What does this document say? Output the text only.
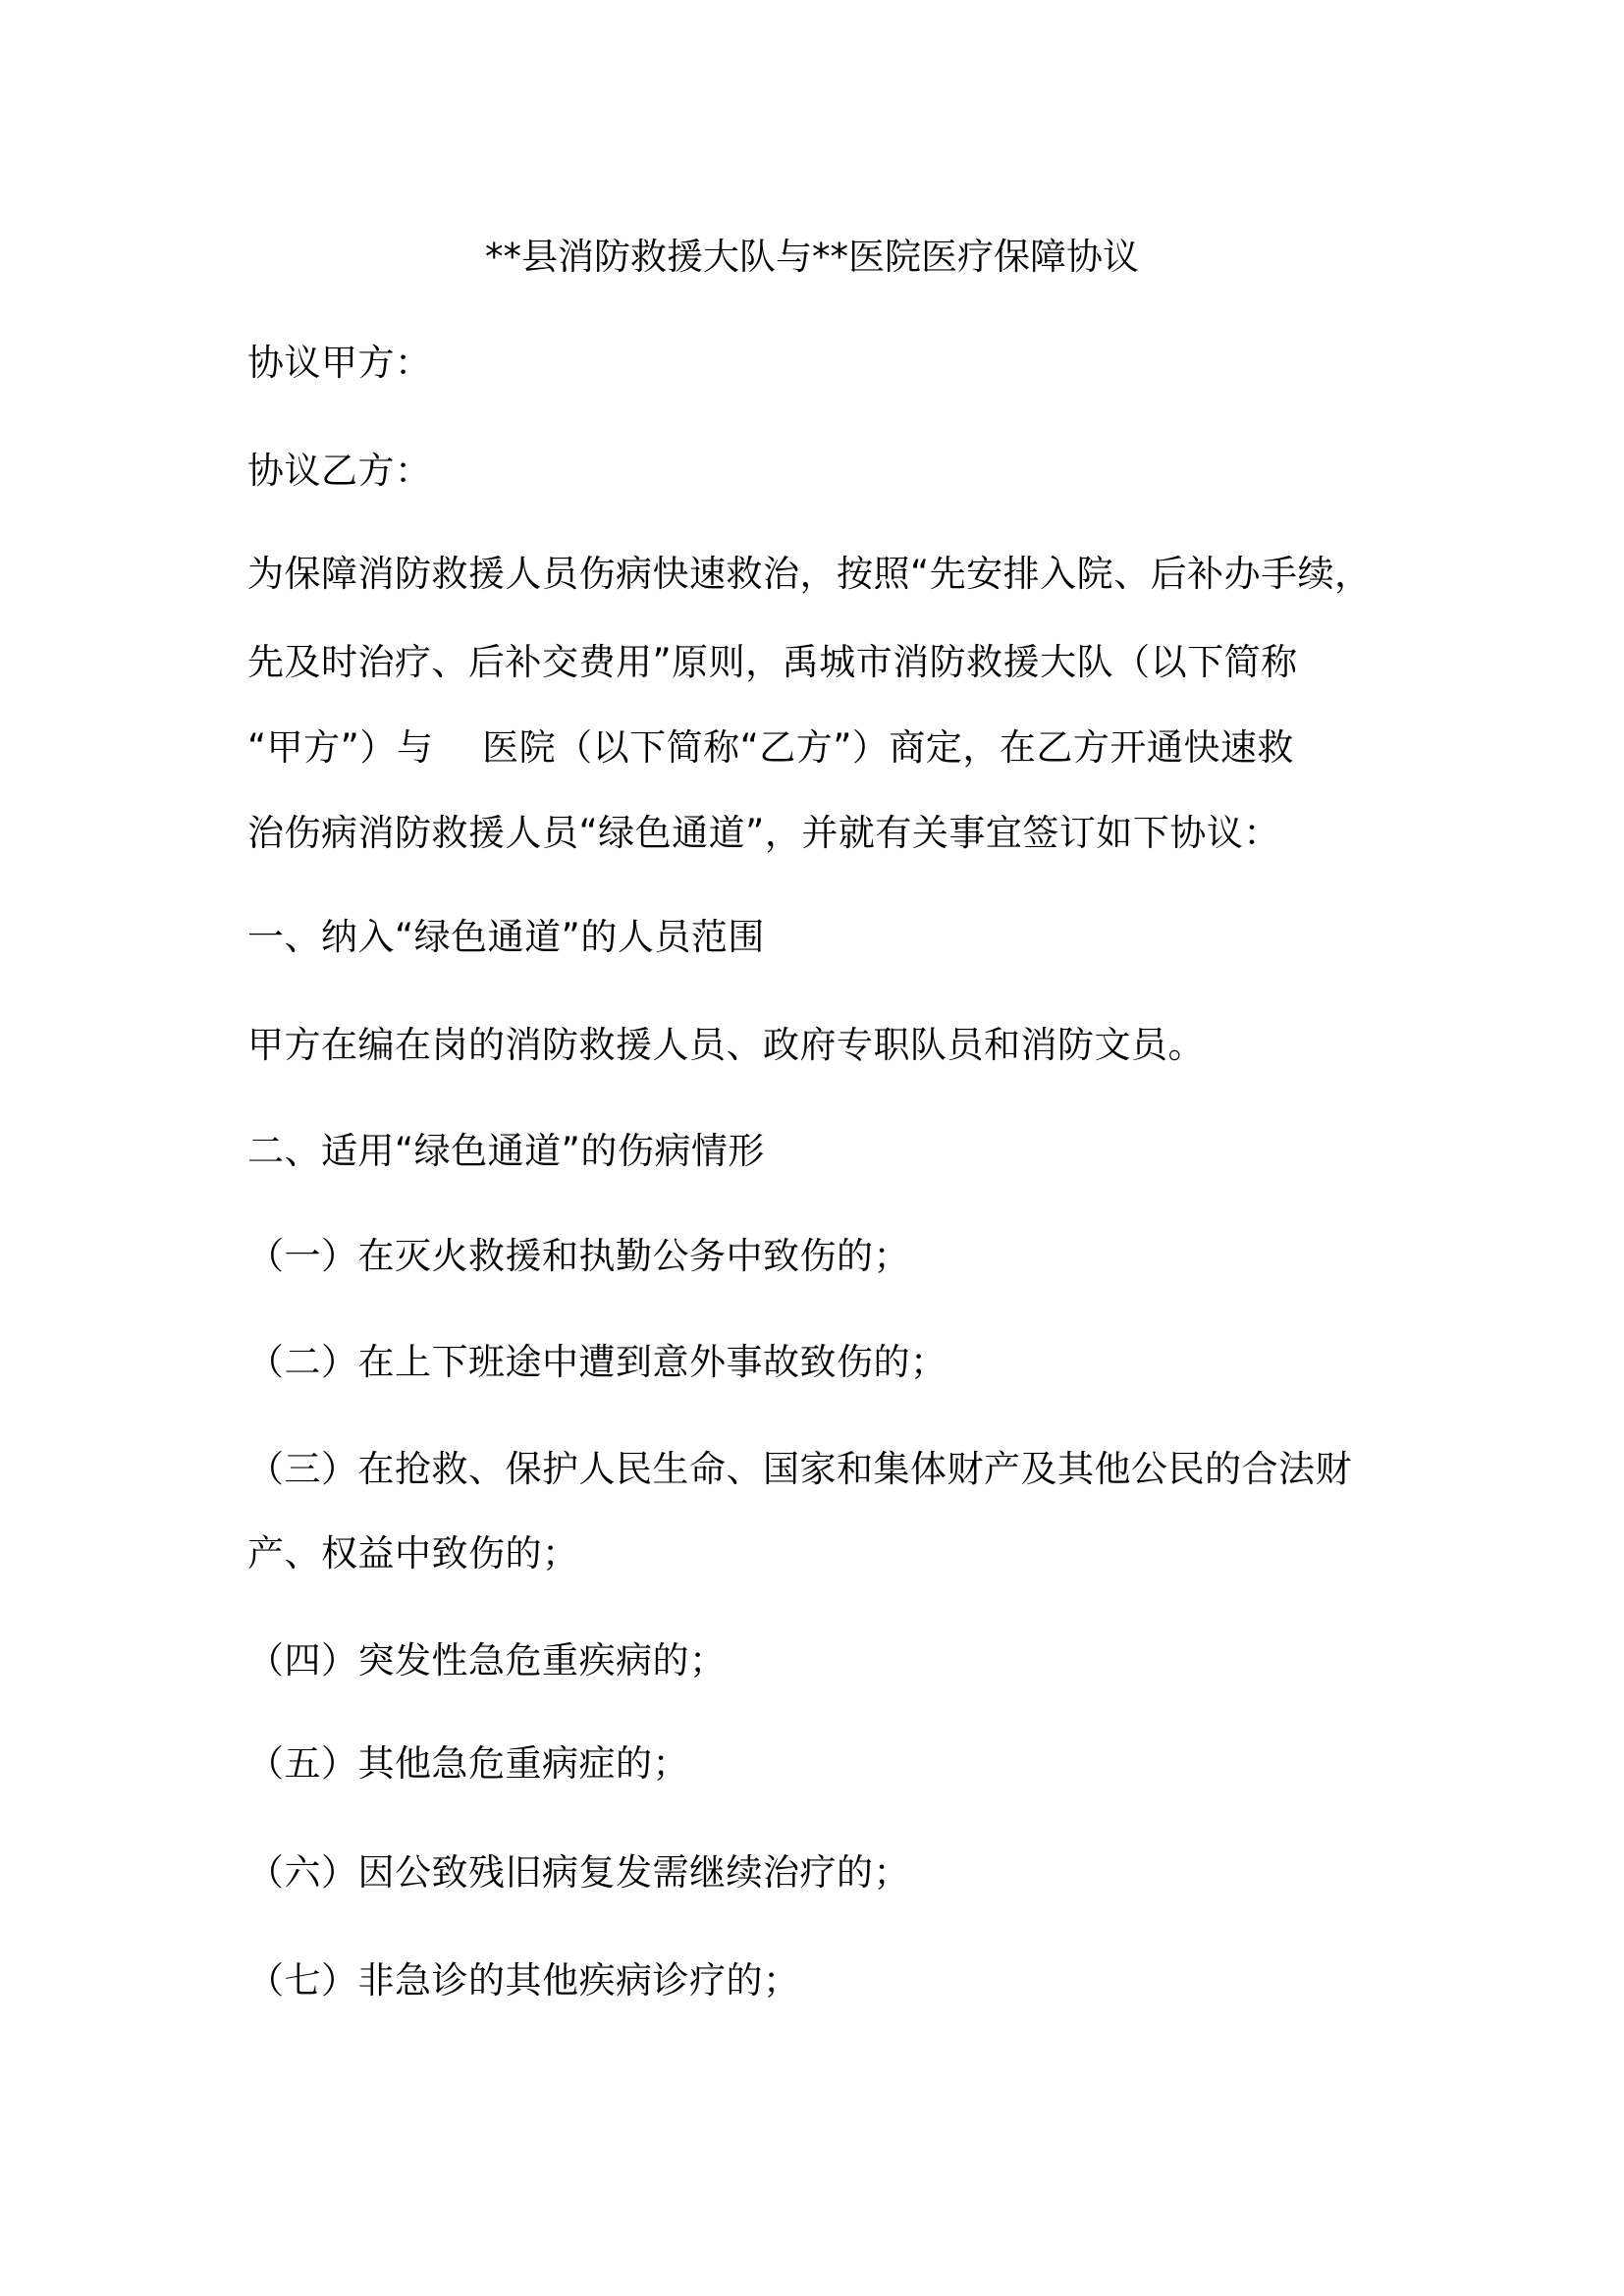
**县消防救援大队与**医院医疗保障协议
协议甲方：
协议乙方：
为保障消防救援人员伤病快速救治，按照“先安排入院、后补办手续，
先及时治疗、后补交费用”原则，禹城市消防救援大队（以下简称
“甲方”）与　 医院（以下简称“乙方”）商定，在乙方开通快速救
治伤病消防救援人员“绿色通道”，并就有关事宜签订如下协议：
一、纳入“绿色通道”的人员范围
甲方在编在岗的消防救援人员、政府专职队员和消防文员。
二、适用“绿色通道”的伤病情形
（一）在灭火救援和执勤公务中致伤的；
（二）在上下班途中遭到意外事故致伤的；
（三）在抢救、保护人民生命、国家和集体财产及其他公民的合法财
产、权益中致伤的；
（四）突发性急危重疾病的；
（五）其他急危重病症的；
（六）因公致残旧病复发需继续治疗的；
（七）非急诊的其他疾病诊疗的；
